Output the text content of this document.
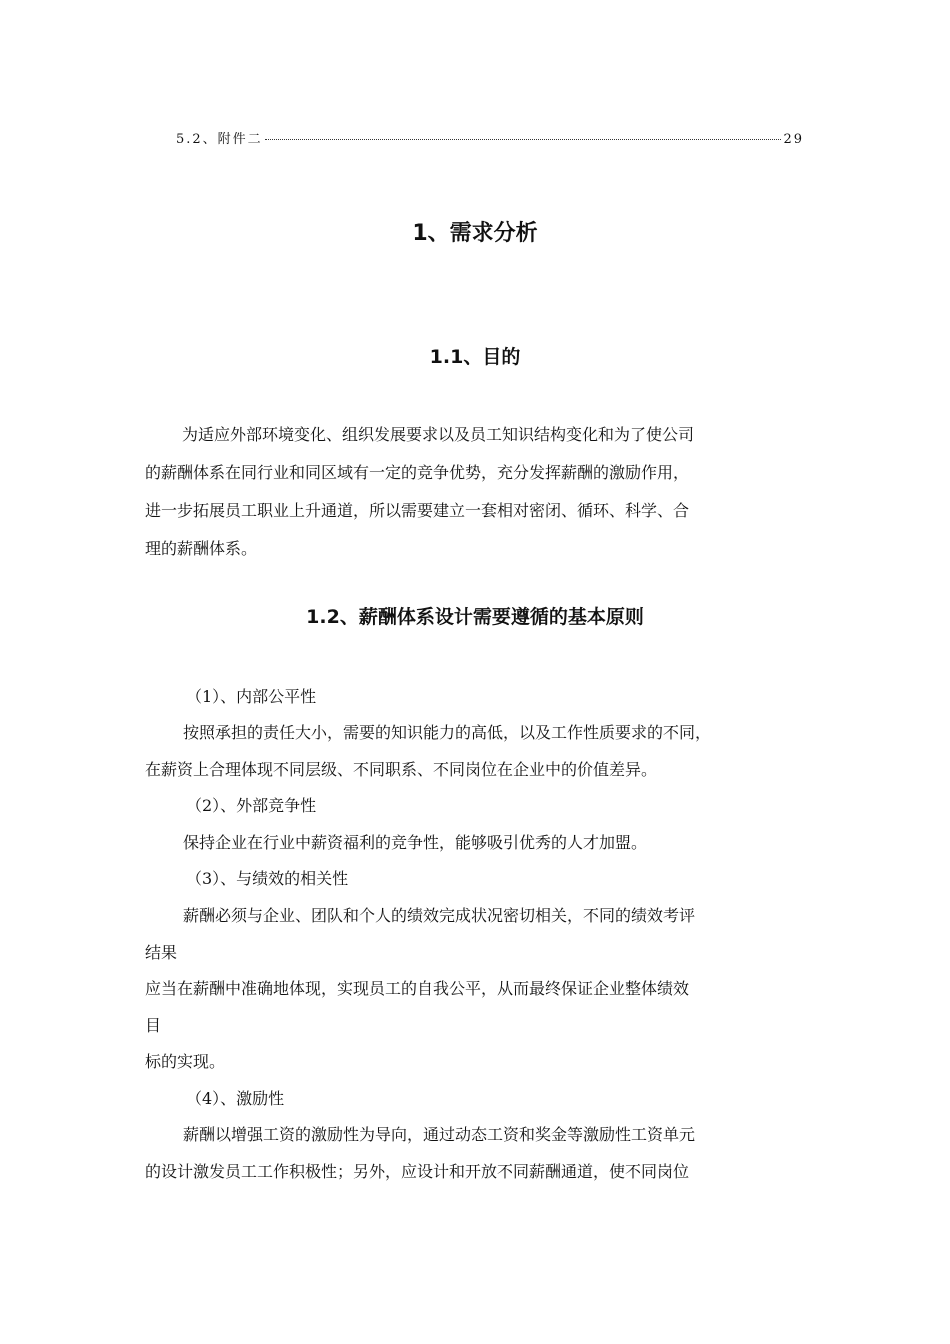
5.2、附件二	29
1、需求分析
1.1、目的
为适应外部环境变化、组织发展要求以及员工知识结构变化和为了使公司
的薪酬体系在同行业和同区域有一定的竞争优势，充分发挥薪酬的激励作用，
进一步拓展员工职业上升通道，所以需要建立一套相对密闭、循环、科学、合
理的薪酬体系。
1.2、薪酬体系设计需要遵循的基本原则
（1）、内部公平性
按照承担的责任大小，需要的知识能力的高低，以及工作性质要求的不同，
在薪资上合理体现不同层级、不同职系、不同岗位在企业中的价值差异。
（2）、外部竞争性
保持企业在行业中薪资福利的竞争性，能够吸引优秀的人才加盟。
（3）、与绩效的相关性
薪酬必须与企业、团队和个人的绩效完成状况密切相关，不同的绩效考评
结果
应当在薪酬中准确地体现，实现员工的自我公平，从而最终保证企业整体绩效
目
标的实现。
（4）、激励性
薪酬以增强工资的激励性为导向，通过动态工资和奖金等激励性工资单元
的设计激发员工工作积极性；另外，应设计和开放不同薪酬通道，使不同岗位
